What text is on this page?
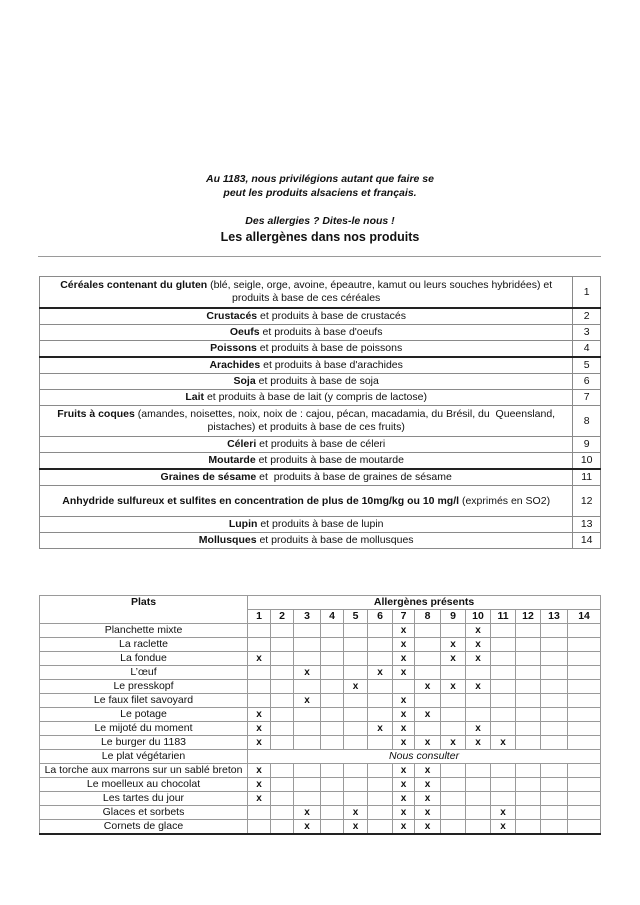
Au 1183, nous privilégions autant que faire se
peut les produits alsaciens et français.
Des allergies ? Dites-le nous !
Les allergènes dans nos produits
Céréales contenant du gluten (blé, seigle, orge, avoine, épeautre, kamut ou leurs souches hybridées) et produits à base de ces céréales	1
Crustacés et produits à base de crustacés	2
Oeufs et produits à base d'oeufs	3
Poissons et produits à base de poissons	4
Arachides et produits à base d'arachides	5
Soja et produits à base de soja	6
Lait et produits à base de lait (y compris de lactose)	7
Fruits à coques (amandes, noisettes, noix, noix de : cajou, pécan, macadamia, du Brésil, du  Queensland, pistaches) et produits à base de ces fruits)	8
Céleri et produits à base de céleri	9
Moutarde et produits à base de moutarde	10
Graines de sésame et  produits à base de graines de sésame	11
Anhydride sulfureux et sulfites en concentration de plus de 10mg/kg ou 10 mg/l (exprimés en SO2)	12
Lupin et produits à base de lupin	13
Mollusques et produits à base de mollusques	14
Plats	Allergènes présents													
	1	2	3	4	5	6	7	8	9	10	11	12	13	14
Planchette mixte							x			x				
La raclette							x		x	x				
La fondue	x						x		x	x				
L’œuf			x			x	x							
Le presskopf					x			x	x	x				
Le faux filet savoyard			x				x							
Le potage	x						x	x						
Le mijoté du moment	x					x	x			x				
Le burger du 1183	x						x	x	x	x	x			
Le plat végétarien	Nous consulter													
La torche aux marrons sur un sablé breton	x						x	x						
Le moelleux au chocolat	x						x	x						
Les tartes du jour	x						x	x						
Glaces et sorbets			x		x		x	x			x			
Cornets de glace			x		x		x	x			x			
